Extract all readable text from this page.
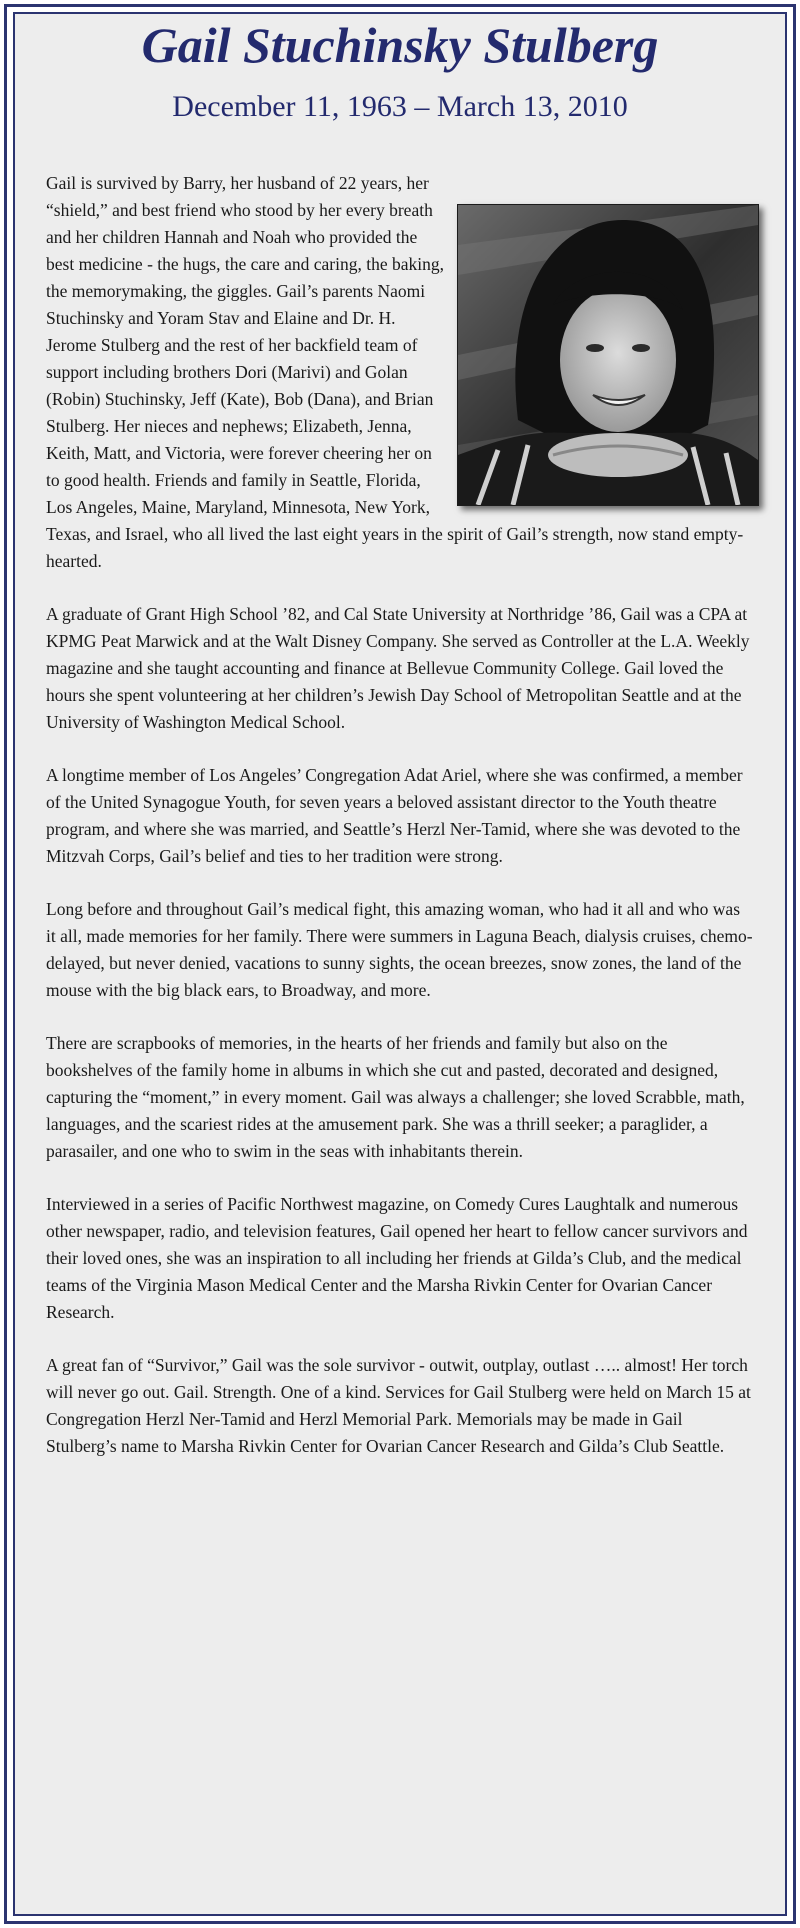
Gail Stuchinsky Stulberg
December 11, 1963 – March 13, 2010

Gail is survived by Barry, her husband of 22 years, her “shield,” and best friend who stood by her every breath and her children Hannah and Noah who provided the best medicine - the hugs, the care and caring, the baking, the memorymaking, the giggles. Gail’s parents Naomi Stuchinsky and Yoram Stav and Elaine and Dr. H. Jerome Stulberg and the rest of her backfield team of support including brothers Dori (Marivi) and Golan (Robin) Stuchinsky, Jeff (Kate), Bob (Dana), and Brian Stulberg. Her nieces and nephews; Elizabeth, Jenna, Keith, Matt, and Victoria, were forever cheering her on to good health. Friends and family in Seattle, Florida, Los Angeles, Maine, Maryland, Minnesota, New York, Texas, and Israel, who all lived the last eight years in the spirit of Gail’s strength, now stand empty-hearted.

A graduate of Grant High School ’82, and Cal State University at Northridge ’86, Gail was a CPA at KPMG Peat Marwick and at the Walt Disney Company. She served as Controller at the L.A. Weekly magazine and she taught accounting and finance at Bellevue Community College. Gail loved the hours she spent volunteering at her children’s Jewish Day School of Metropolitan Seattle and at the University of Washington Medical School.

A longtime member of Los Angeles’ Congregation Adat Ariel, where she was confirmed, a member of the United Synagogue Youth, for seven years a beloved assistant director to the Youth theatre program, and where she was married, and Seattle’s Herzl Ner-Tamid, where she was devoted to the Mitzvah Corps, Gail’s belief and ties to her tradition were strong.

Long before and throughout Gail’s medical fight, this amazing woman, who had it all and who was it all, made memories for her family. There were summers in Laguna Beach, dialysis cruises, chemo-delayed, but never denied, vacations to sunny sights, the ocean breezes, snow zones, the land of the mouse with the big black ears, to Broadway, and more.

There are scrapbooks of memories, in the hearts of her friends and family but also on the bookshelves of the family home in albums in which she cut and pasted, decorated and designed, capturing the “moment,” in every moment. Gail was always a challenger; she loved Scrabble, math, languages, and the scariest rides at the amusement park. She was a thrill seeker; a paraglider, a parasailer, and one who to swim in the seas with inhabitants therein.

Interviewed in a series of Pacific Northwest magazine, on Comedy Cures Laughtalk and numerous other newspaper, radio, and television features, Gail opened her heart to fellow cancer survivors and their loved ones, she was an inspiration to all including her friends at Gilda’s Club, and the medical teams of the Virginia Mason Medical Center and the Marsha Rivkin Center for Ovarian Cancer Research.

A great fan of “Survivor,” Gail was the sole survivor - outwit, outplay, outlast ….. almost! Her torch will never go out. Gail. Strength. One of a kind. Services for Gail Stulberg were held on March 15 at Congregation Herzl Ner-Tamid and Herzl Memorial Park. Memorials may be made in Gail Stulberg’s name to Marsha Rivkin Center for Ovarian Cancer Research and Gilda’s Club Seattle.
